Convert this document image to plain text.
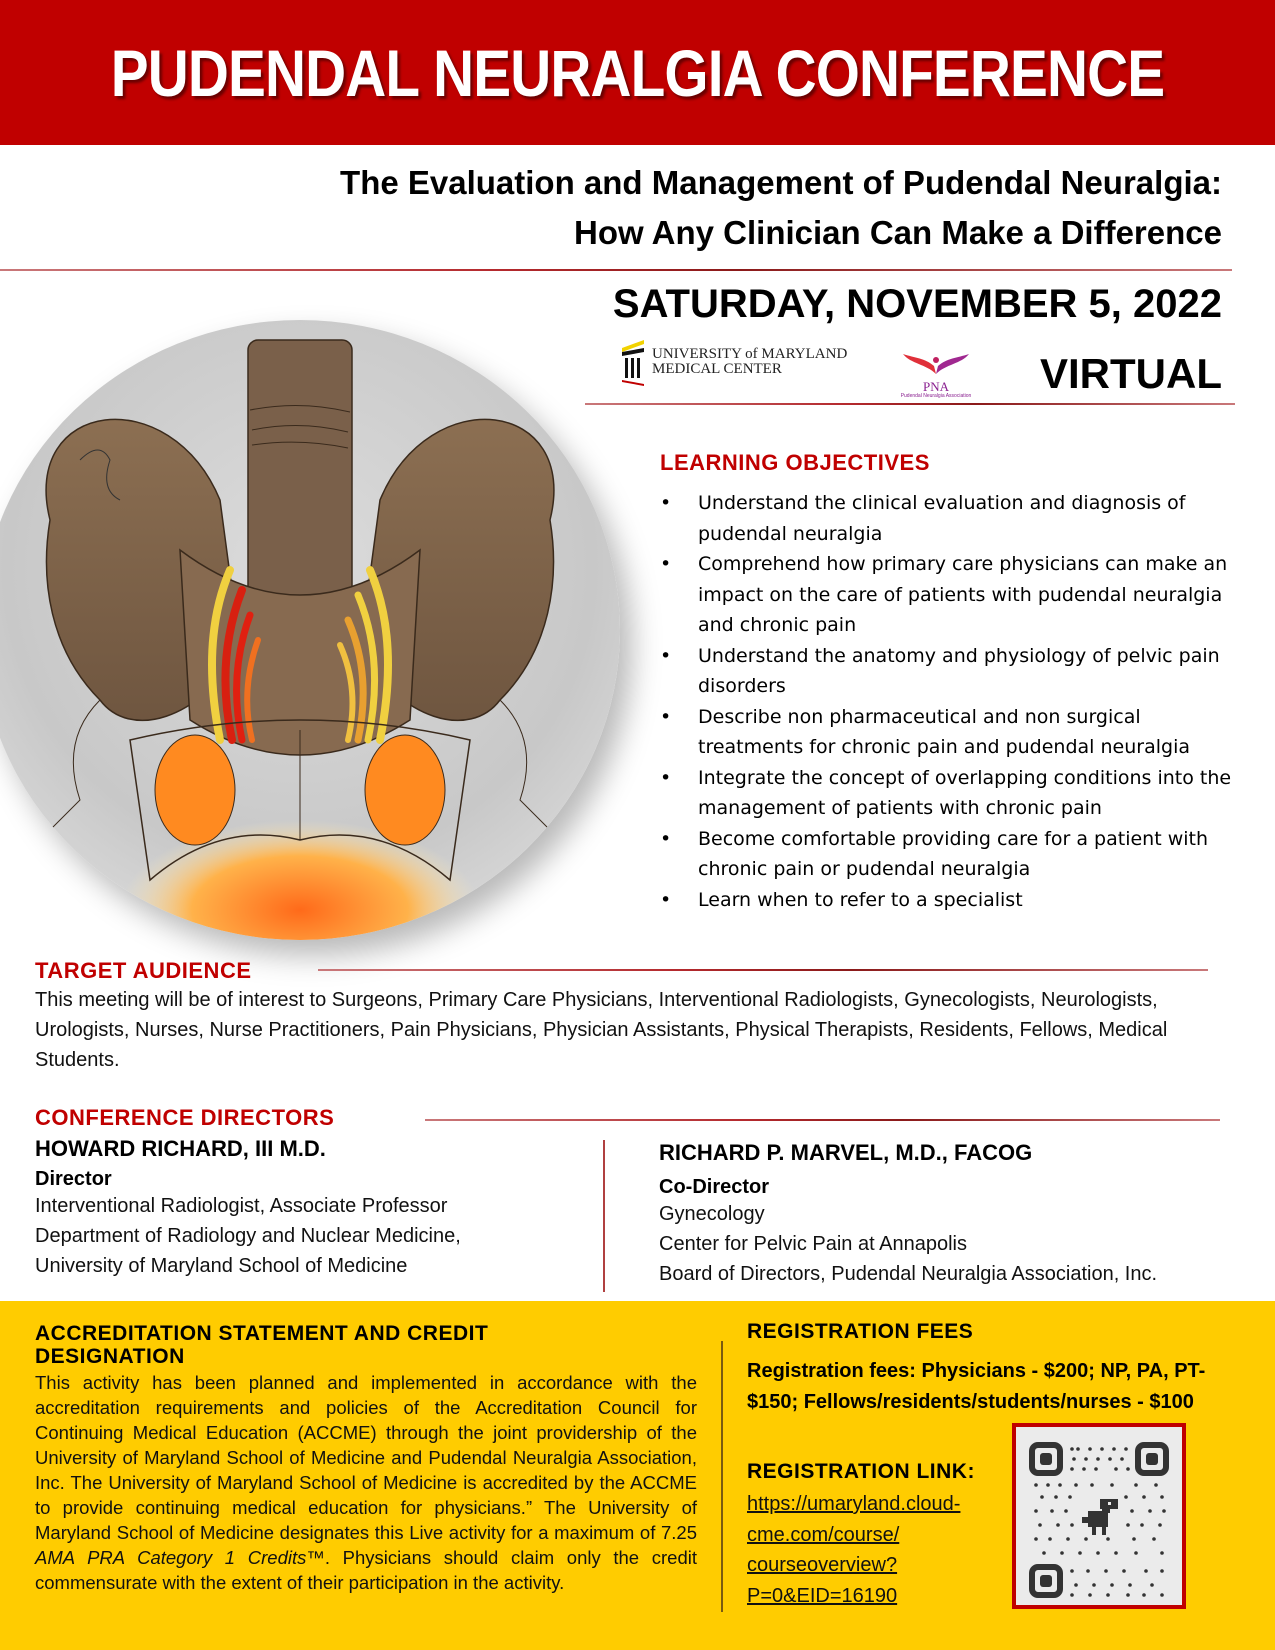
PUDENDAL NEURALGIA CONFERENCE
The Evaluation and Management of Pudendal Neuralgia:
How Any Clinician Can Make a Difference
SATURDAY, NOVEMBER 5, 2022
UNIVERSITY of MARYLAND
MEDICAL CENTER
PNA
Pudendal Neuralgia Association VIRTUAL
LEARNING OBJECTIVES
• Understand the clinical evaluation and diagnosis of pudendal neuralgia
• Comprehend how primary care physicians can make an impact on the care of patients with pudendal neuralgia and chronic pain
• Understand the anatomy and physiology of pelvic pain disorders
• Describe non pharmaceutical and non surgical treatments for chronic pain and pudendal neuralgia
• Integrate the concept of overlapping conditions into the management of patients with chronic pain
• Become comfortable providing care for a patient with chronic pain or pudendal neuralgia
• Learn when to refer to a specialist
TARGET AUDIENCE
This meeting will be of interest to Surgeons, Primary Care Physicians, Interventional Radiologists, Gynecologists, Neurologists, Urologists, Nurses, Nurse Practitioners, Pain Physicians, Physician Assistants, Physical Therapists, Residents, Fellows, Medical Students.
CONFERENCE DIRECTORS
HOWARD RICHARD, III M.D.
Director
Interventional Radiologist, Associate Professor
Department of Radiology and Nuclear Medicine,
University of Maryland School of Medicine
RICHARD P. MARVEL, M.D., FACOG
Co-Director
Gynecology
Center for Pelvic Pain at Annapolis
Board of Directors, Pudendal Neuralgia Association, Inc.
ACCREDITATION STATEMENT AND CREDIT
DESIGNATION
This activity has been planned and implemented in accordance with the accreditation requirements and policies of the Accreditation Council for Continuing Medical Education (ACCME) through the joint providership of the University of Maryland School of Medicine and Pudendal Neuralgia Association, Inc. The University of Maryland School of Medicine is accredited by the ACCME to provide continuing medical education for physicians.” The University of Maryland School of Medicine designates this Live activity for a maximum of 7.25 AMA PRA Category 1 Credits™. Physicians should claim only the credit commensurate with the extent of their participation in the activity.
REGISTRATION FEES
Registration fees: Physicians - $200; NP, PA, PT- $150; Fellows/residents/students/nurses - $100
REGISTRATION LINK:
https://umaryland.cloud-
cme.com/course/
courseoverview?
P=0&EID=16190
